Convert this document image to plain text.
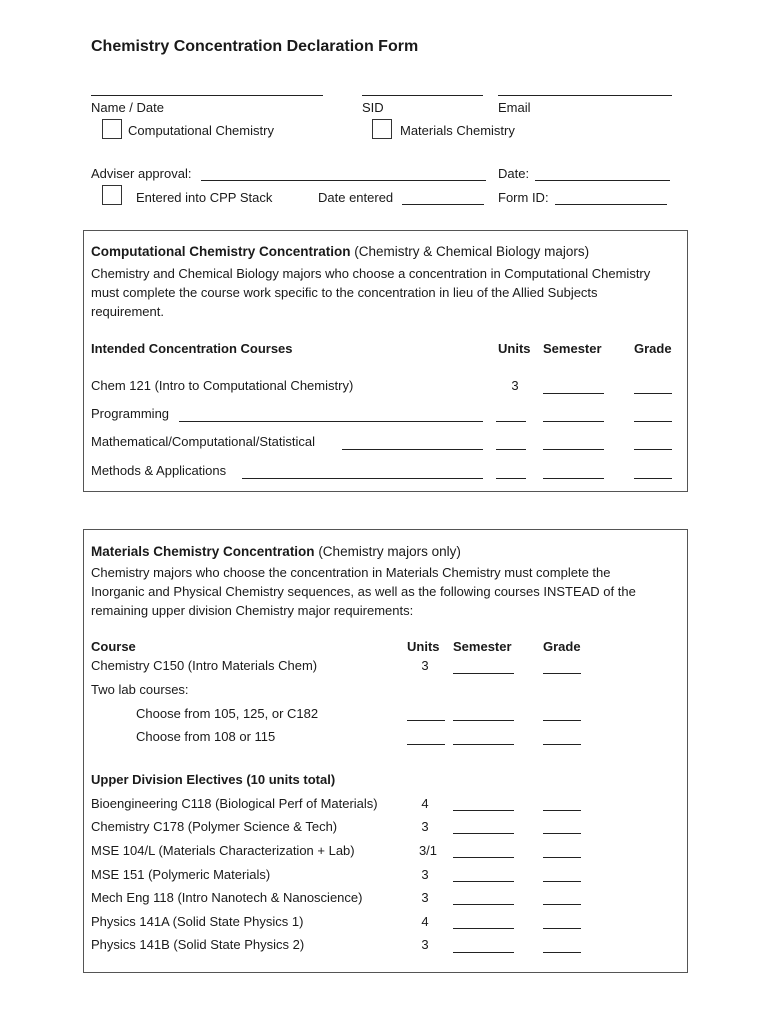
Chemistry Concentration Declaration Form
Name / Date	SID	Email
Computational Chemistry	Materials Chemistry
Adviser approval:	Date:
Entered into CPP Stack	Date entered	Form ID:
Computational Chemistry Concentration (Chemistry & Chemical Biology majors)
Chemistry and Chemical Biology majors who choose a concentration in Computational Chemistry must complete the course work specific to the concentration in lieu of the Allied Subjects requirement.
Intended Concentration Courses	Units Semester Grade
Chem 121 (Intro to Computational Chemistry)	3
Programming
Mathematical/Computational/Statistical
Methods & Applications
Materials Chemistry Concentration (Chemistry majors only)
Chemistry majors who choose the concentration in Materials Chemistry must complete the Inorganic and Physical Chemistry sequences, as well as the following courses INSTEAD of the remaining upper division Chemistry major requirements:
Course	Units Semester Grade
Chemistry C150 (Intro Materials Chem)	3
Two lab courses:
Choose from 105, 125, or C182
Choose from 108 or 115
Upper Division Electives (10 units total)
Bioengineering C118 (Biological Perf of Materials)	4
Chemistry C178 (Polymer Science & Tech)	3
MSE 104/L (Materials Characterization + Lab)	3/1
MSE 151 (Polymeric Materials)	3
Mech Eng 118 (Intro Nanotech & Nanoscience)	3
Physics 141A (Solid State Physics 1)	4
Physics 141B (Solid State Physics 2)	3
